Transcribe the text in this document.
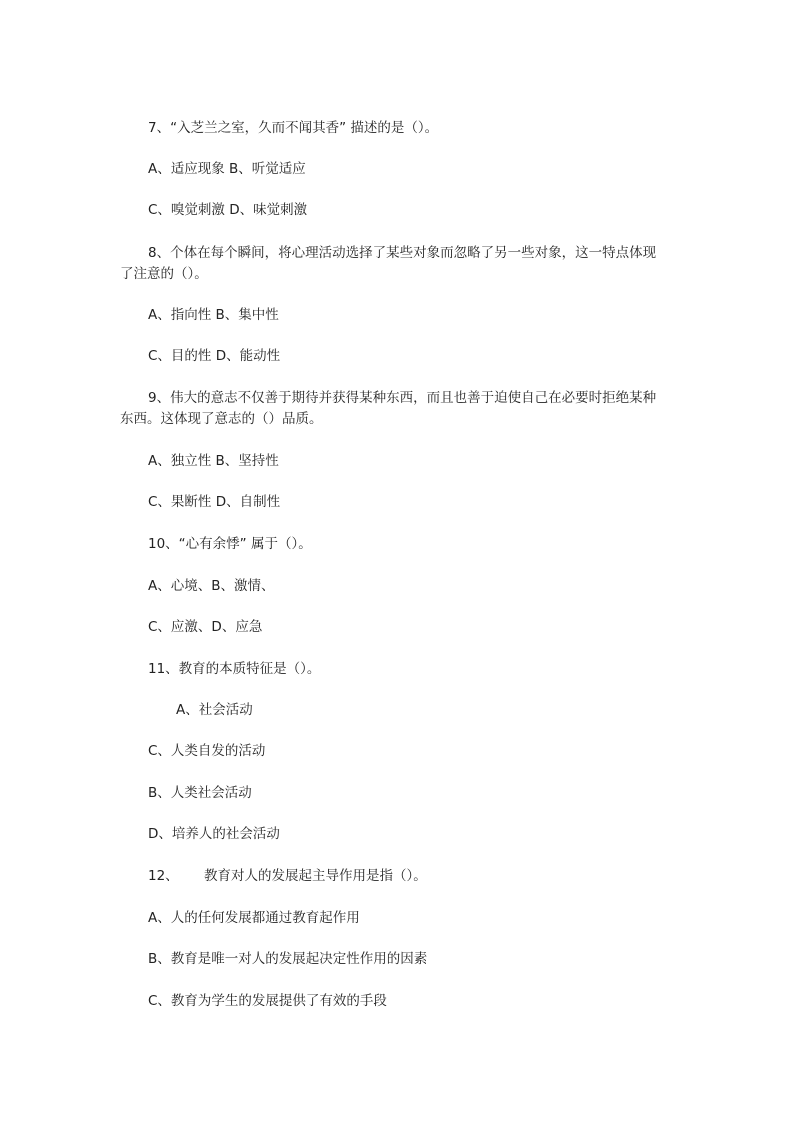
7、“入芝兰之室，久而不闻其香” 描述的是（）。
A、适应现象 B、听觉适应
C、嗅觉刺激 D、味觉刺激
8、个体在每个瞬间，将心理活动选择了某些对象而忽略了另一些对象，这一特点体现
了注意的（）。
A、指向性 B、集中性
C、目的性 D、能动性
9、伟大的意志不仅善于期待并获得某种东西，而且也善于迫使自己在必要时拒绝某种
东西。这体现了意志的（）品质。
A、独立性 B、坚持性
C、果断性 D、自制性
10、“心有余悸” 属于（）。
A、心境、B、激情、
C、应激、D、应急
11、教育的本质特征是（）。
A、社会活动
C、人类自发的活动
B、人类社会活动
D、培养人的社会活动
12、 教育对人的发展起主导作用是指（）。
A、人的任何发展都通过教育起作用
B、教育是唯一对人的发展起决定性作用的因素
C、教育为学生的发展提供了有效的手段
